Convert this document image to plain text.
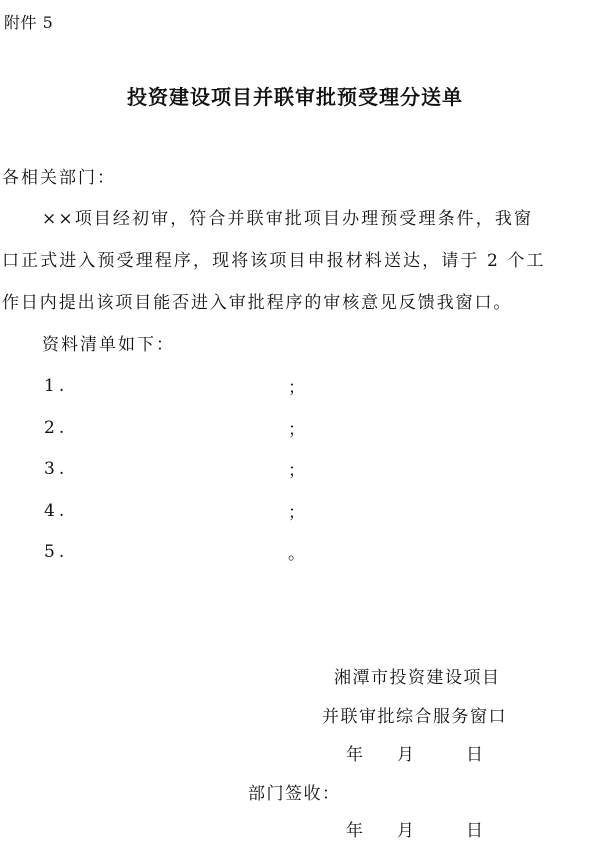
附件 5
投资建设项目并联审批预受理分送单
各相关部门：
××项目经初审，符合并联审批项目办理预受理条件，我窗
口正式进入预受理程序，现将该项目申报材料送达，请于 2 个工
作日内提出该项目能否进入审批程序的审核意见反馈我窗口。
资料清单如下：
1.	；
2.	；
3.	；
4.	；
5.	。
湘潭市投资建设项目
并联审批综合服务窗口
年 月	日
部门签收：
年 月	日
